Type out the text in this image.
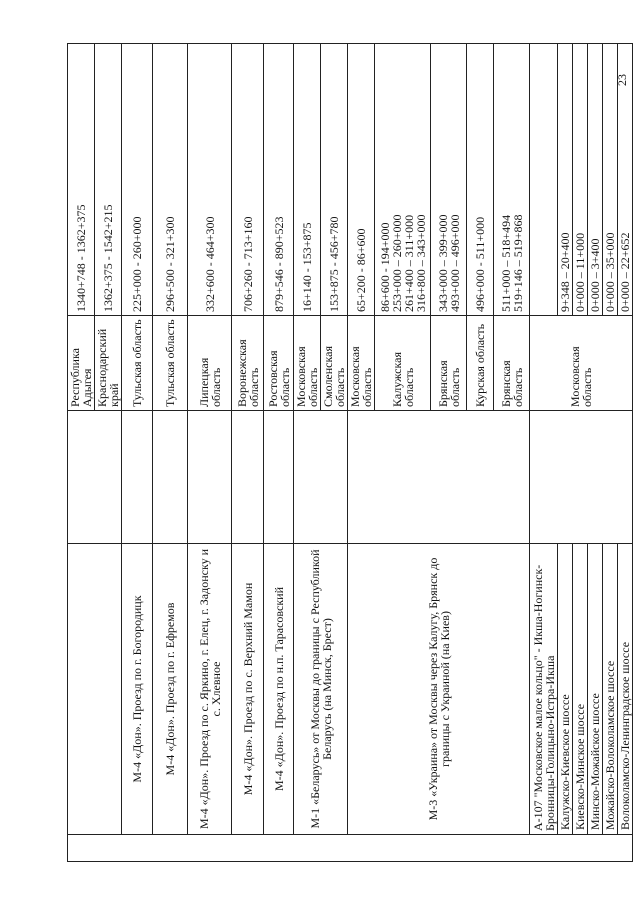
23
			Республика Адыгея	1340+748 - 1362+375

			Краснодарский край	1362+375 - 1542+215

	М-4 «Дон». Проезд по г. Богородицк		Тульская область	225+000 - 260+000

	М-4 «Дон». Проезд по г. Ефремов		Тульская область	296+500 - 321+300

	М-4 «Дон». Проезд по с. Яркино, г. Елец, г. Задонску и с. Хлевное		Липецкая область	332+600 - 464+300

	М-4 «Дон». Проезд по с. Верхний Мамон		Воронежская область	706+260 - 713+160

	М-4 «Дон». Проезд по н.п. Тарасовский		Ростовская область	879+546 - 890+523

	М-1 «Беларусь» от Москвы до границы с Республикой Беларусь (на Минск, Брест)		Московская область	16+140 - 153+875

			Смоленская область	153+875 - 456+780

	М-3 «Украина» от Москвы через Калугу, Брянск до границы с Украиной (на Киев)		Московская область	65+200 - 86+600

			Калужская область	86+600 - 194+000
253+000 – 260+000
261+400 – 311+000
316+800 – 343+000

			Брянская область	343+000 – 399+000
493+000 – 496+000

			Курская область	496+000 - 511+000

			Брянская область	511+000 – 518+494
519+146 – 519+868

	А-107 "Московское малое кольцо" - Икша-Ногинск-Бронницы-Голицыно-Истра-Икша		Московская область	

	Калужско-Киевское шоссе			9+348 – 20+400

	Киевско-Минское шоссе			0+000 – 11+000

	Минско-Можайское шоссе			0+000 – 3+400

	Можайско-Волоколамское шоссе			0+000 – 35+000

	Волоколамско-Ленинградское шоссе			0+000 – 22+652
